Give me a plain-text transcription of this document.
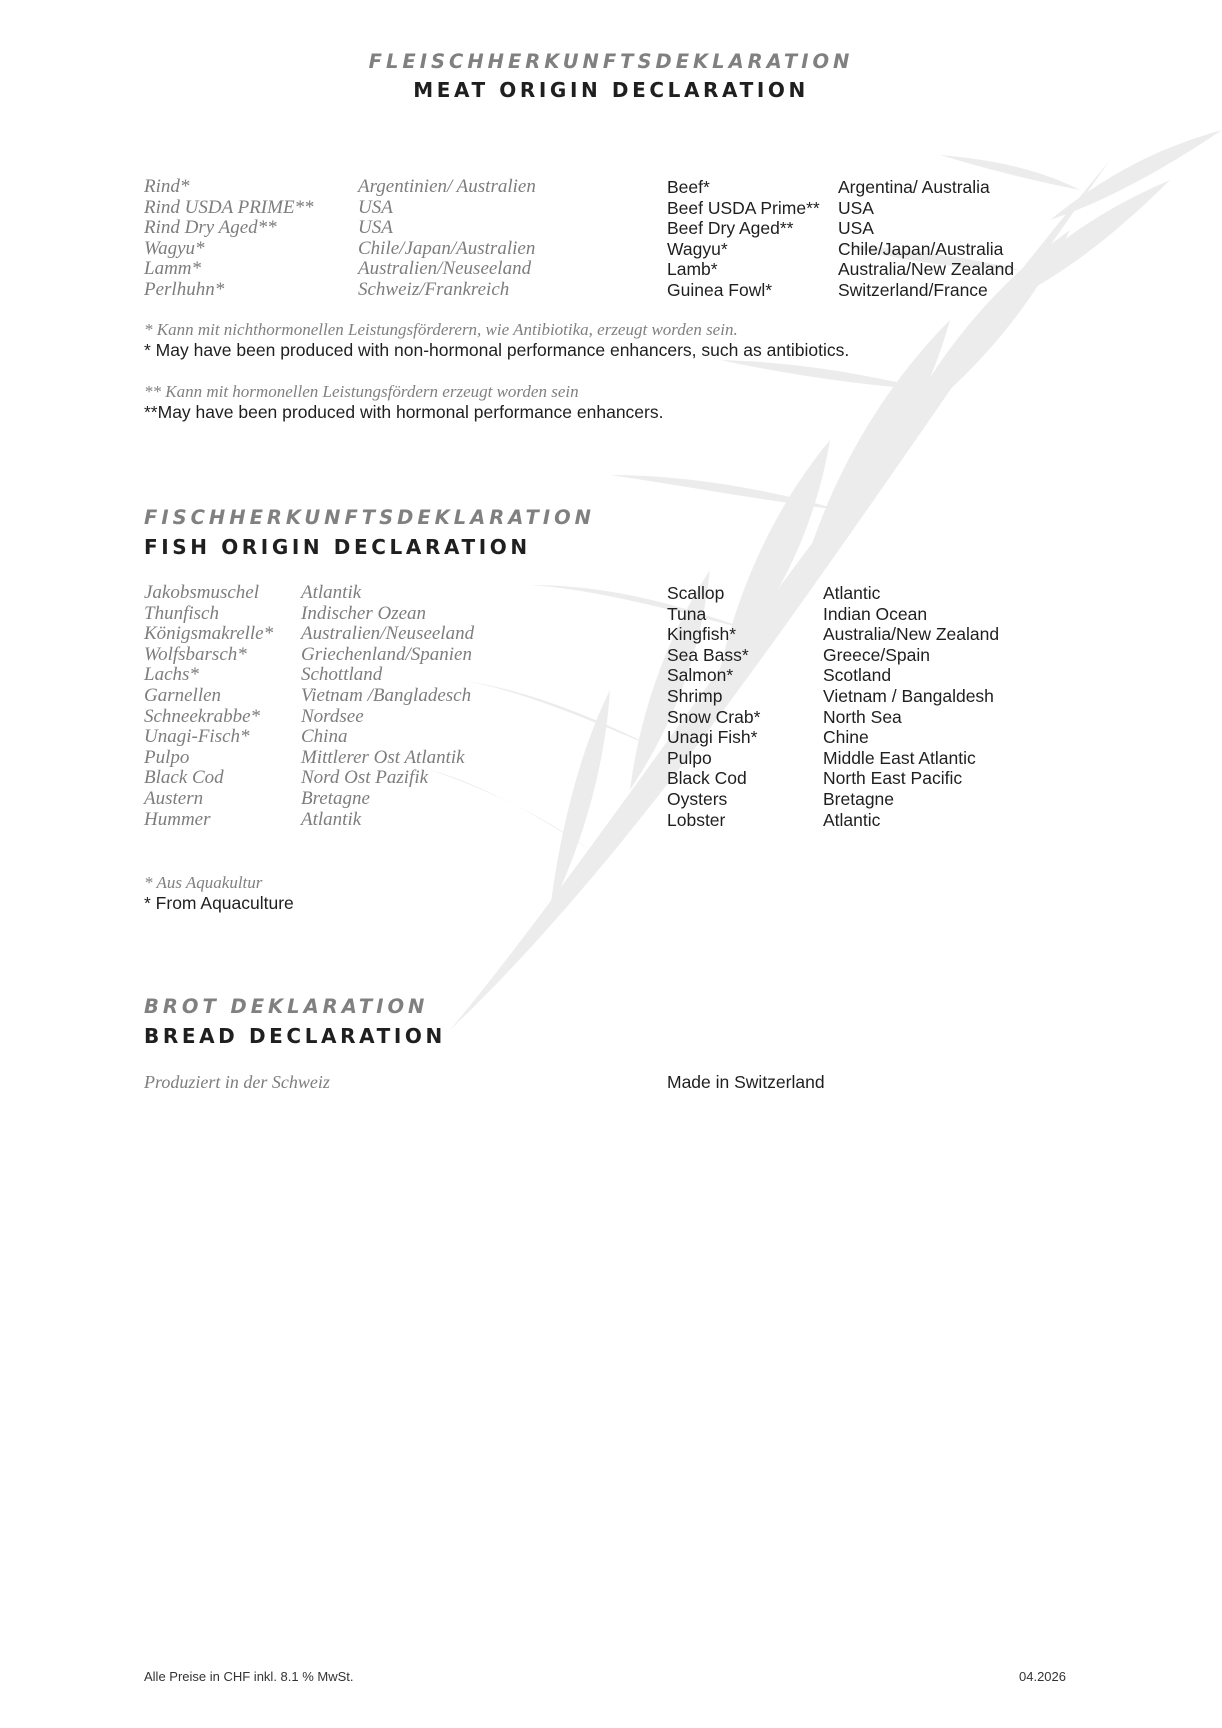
FLEISCHHERKUNFTSDEKLARATION
MEAT ORIGIN DECLARATION
Rind*	Argentinien/ Australien	Beef*	Argentina/ Australia
Rind USDA PRIME** USA	Beef USDA Prime** USA
Rind Dry Aged**	USA	Beef Dry Aged**	USA
Wagyu*	Chile/Japan/Australien	Wagyu*	Chile/Japan/Australia
Lamm*	Australien/Neuseeland	Lamb*	Australia/New Zealand
Perlhuhn*	Schweiz/Frankreich	Guinea Fowl*	Switzerland/France
* Kann mit nichthormonellen Leistungsförderern, wie Antibiotika, erzeugt worden sein.
* May have been produced with non-hormonal performance enhancers, such as antibiotics.
** Kann mit hormonellen Leistungsfördern erzeugt worden sein
**May have been produced with hormonal performance enhancers.
FISCHHERKUNFTSDEKLARATION
FISH ORIGIN DECLARATION
Jakobsmuschel Atlantik	Scallop	Atlantic
Thunfisch	Indischer Ozean	Tuna	Indian Ocean
Königsmakrelle* Australien/Neuseeland	Kingfish*	Australia/New Zealand
Wolfsbarsch*	Griechenland/Spanien	Sea Bass*	Greece/Spain
Lachs*	Schottland	Salmon*	Scotland
Garnellen	Vietnam /Bangladesch	Shrimp	Vietnam / Bangaldesh
Schneekrabbe* Nordsee	Snow Crab*	North Sea
Unagi-Fisch*	China	Unagi Fish*	Chine
Pulpo	Mittlerer Ost Atlantik	Pulpo	Middle East Atlantic
Black Cod	Nord Ost Pazifik	Black Cod	North East Pacific
Austern	Bretagne	Oysters	Bretagne
Hummer	Atlantik	Lobster	Atlantic
* Aus Aquakultur
* From Aquaculture
BROT DEKLARATION
BREAD DECLARATION
Produziert in der Schweiz	Made in Switzerland
Alle Preise in CHF inkl. 8.1 % MwSt.	04.2026
